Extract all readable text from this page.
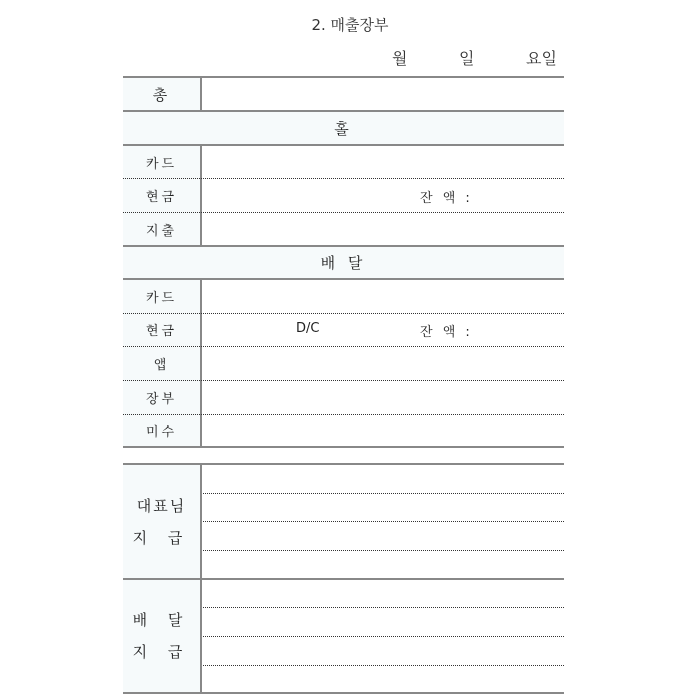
2. 매출장부
월	일	요일
총
홀
카드
현금	잔 액 :
지출
배 달
카드
현금	D/C	잔 액 :
앱
장부
미수
대표님
지 급
배 달
지 급
